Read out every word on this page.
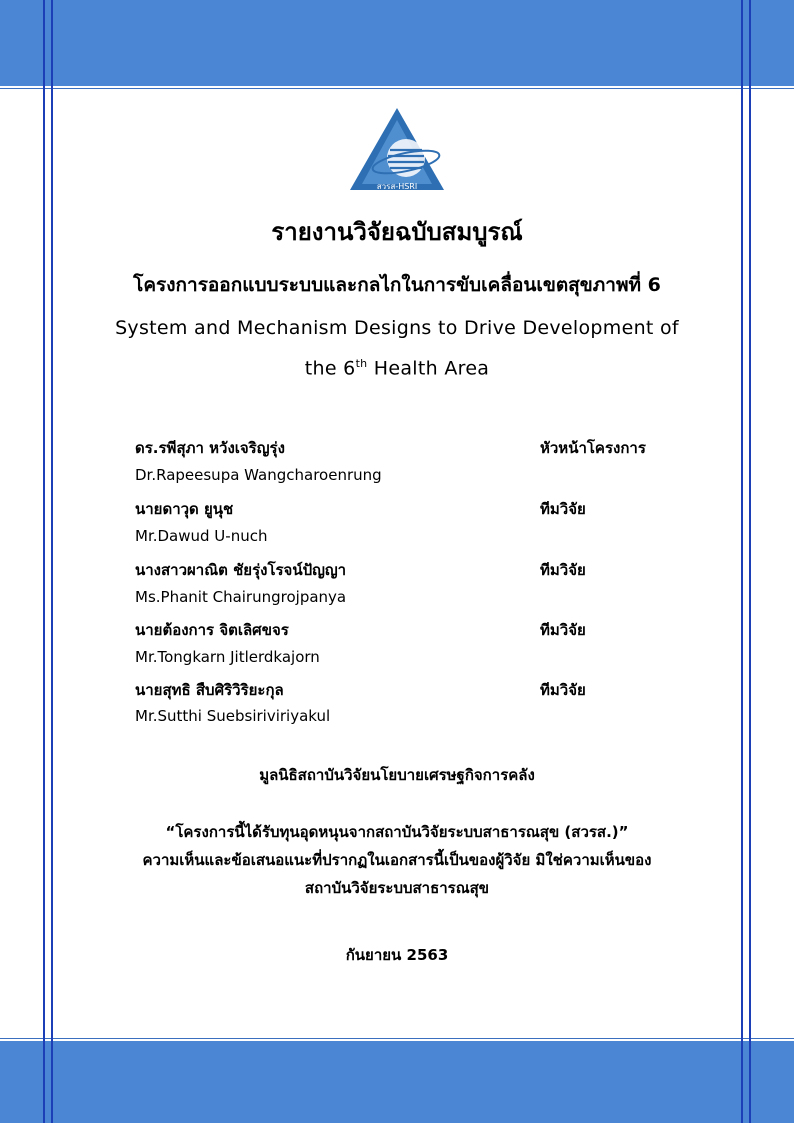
สวรส-HSRI
รายงานวิจัยฉบับสมบูรณ์
โครงการออกแบบระบบและกลไกในการขับเคลื่อนเขตสุขภาพที่ 6
System and Mechanism Designs to Drive Development of
the 6th Health Area
ดร.รพีสุภา หวังเจริญรุ่ง	หัวหน้าโครงการ
Dr.Rapeesupa Wangcharoenrung
นายดาวุด ยูนุช	ทีมวิจัย
Mr.Dawud U-nuch
นางสาวผาณิต ชัยรุ่งโรจน์ปัญญา	ทีมวิจัย
Ms.Phanit Chairungrojpanya
นายต้องการ จิตเลิศขจร	ทีมวิจัย
Mr.Tongkarn Jitlerdkajorn
นายสุทธิ สืบศิริวิริยะกุล	ทีมวิจัย
Mr.Sutthi Suebsiriviriyakul
มูลนิธิสถาบันวิจัยนโยบายเศรษฐกิจการคลัง
“โครงการนี้ได้รับทุนอุดหนุนจากสถาบันวิจัยระบบสาธารณสุข (สวรส.)”
ความเห็นและข้อเสนอแนะที่ปรากฏในเอกสารนี้เป็นของผู้วิจัย มิใช่ความเห็นของ
สถาบันวิจัยระบบสาธารณสุข
กันยายน 2563
